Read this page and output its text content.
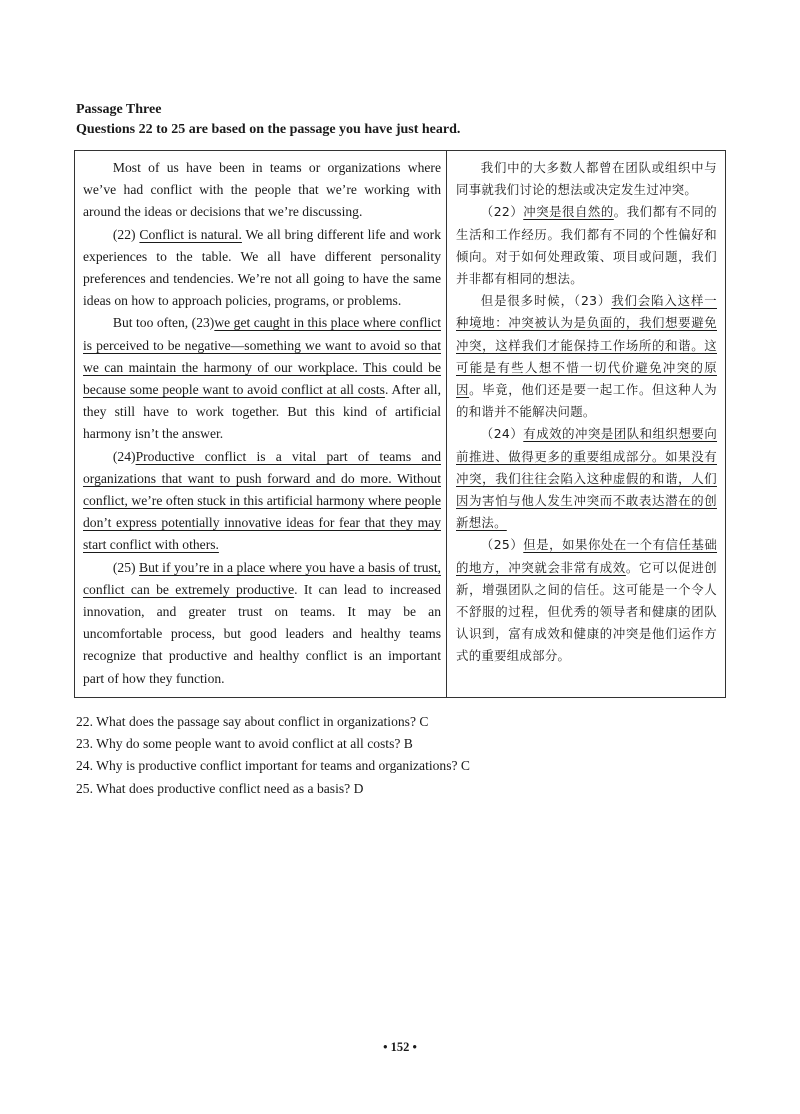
Passage Three
Questions 22 to 25 are based on the passage you have just heard.

Most of us have been in teams or organizations where we’ve had conflict with the people that we’re working with around the ideas or decisions that we’re discussing.

(22) Conflict is natural. We all bring different life and work experiences to the table. We all have different personality preferences and tendencies. We’re not all going to have the same ideas on how to approach policies, programs, or problems.

But too often, (23)we get caught in this place where conflict is perceived to be negative—something we want to avoid so that we can maintain the harmony of our workplace. This could be because some people want to avoid conflict at all costs. After all, they still have to work together. But this kind of artificial harmony isn’t the answer.

(24)Productive conflict is a vital part of teams and organizations that want to push forward and do more. Without conflict, we’re often stuck in this artificial harmony where people don’t express potentially innovative ideas for fear that they may start conflict with others.

(25) But if you’re in a place where you have a basis of trust, conflict can be extremely productive. It can lead to increased innovation, and greater trust on teams. It may be an uncomfortable process, but good leaders and healthy teams recognize that productive and healthy conflict is an important part of how they function.

我们中的大多数人都曾在团队或组织中与同事就我们讨论的想法或决定发生过冲突。

（22）冲突是很自然的。我们都有不同的生活和工作经历。我们都有不同的个性偏好和倾向。对于如何处理政策、项目或问题，我们并非都有相同的想法。

但是很多时候，（23）我们会陷入这样一种境地：冲突被认为是负面的，我们想要避免冲突，这样我们才能保持工作场所的和谐。这可能是有些人想不惜一切代价避免冲突的原因。毕竟，他们还是要一起工作。但这种人为的和谐并不能解决问题。

（24）有成效的冲突是团队和组织想要向前推进、做得更多的重要组成部分。如果没有冲突，我们往往会陷入这种虚假的和谐，人们因为害怕与他人发生冲突而不敢表达潜在的创新想法。

（25）但是，如果你处在一个有信任基础的地方，冲突就会非常有成效。它可以促进创新，增强团队之间的信任。这可能是一个令人不舒服的过程，但优秀的领导者和健康的团队认识到，富有成效和健康的冲突是他们运作方式的重要组成部分。

22. What does the passage say about conflict in organizations? C
23. Why do some people want to avoid conflict at all costs? B
24. Why is productive conflict important for teams and organizations? C
25. What does productive conflict need as a basis? D
• 152 •
